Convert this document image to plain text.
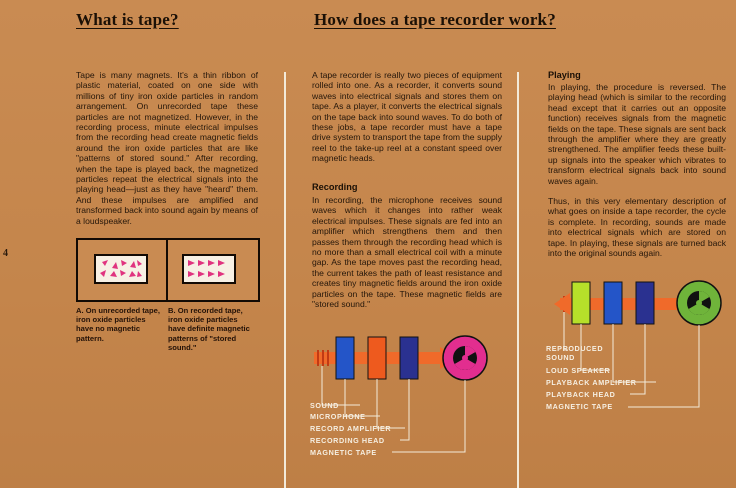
What is tape?
Tape is many magnets. It's a thin ribbon of plastic material, coated on one side with millions of tiny iron oxide particles in random arrangement. On unrecorded tape these particles are not magnetized. However, in the recording process, minute electrical impulses from the recording head create magnetic fields around the iron oxide particles that are like "patterns of stored sound." After recording, when the tape is played back, the magnetized particles repeat the electrical signals into the playing head—just as they have "heard" them. And these impulses are amplified and transformed back into sound again by means of a loudspeaker.
4
A. On unrecorded tape, iron oxide particles have no magnetic pattern.
B. On recorded tape, iron oxide particles have definite magnetic patterns of "stored sound."
How does a tape recorder work?
A tape recorder is really two pieces of equipment rolled into one. As a recorder, it converts sound waves into electrical signals and stores them on tape. As a player, it converts the electrical signals on the tape back into sound waves. To do both of these jobs, a tape recorder must have a tape drive system to transport the tape from the supply reel to the take-up reel at a constant speed over magnetic heads.
Recording
In recording, the microphone receives sound waves which it changes into rather weak electrical impulses. These signals are fed into an amplifier which strengthens them and then passes them through the recording head which is no more than a small electrical coil with a minute gap. As the tape moves past the recording head, the current takes the path of least resistance and creates tiny magnetic fields around the iron oxide particles on the tape. These magnetic fields are "stored sound."
SOUND
MICROPHONE
RECORD AMPLIFIER
RECORDING HEAD
MAGNETIC TAPE
Playing
In playing, the procedure is reversed. The playing head (which is similar to the recording head except that it carries out an opposite function) receives signals from the magnetic fields on the tape. These signals are sent back through the amplifier where they are greatly strengthened. The amplifier feeds these built-up signals into the speaker which vibrates to transform electrical signals back into sound waves again.
Thus, in this very elementary description of what goes on inside a tape recorder, the cycle is complete. In recording, sounds are made into electrical signals which are stored on tape. In playing, these signals are turned back into the original sounds again.
REPRODUCED SOUND
LOUD SPEAKER
PLAYBACK AMPLIFIER
PLAYBACK HEAD
MAGNETIC TAPE
